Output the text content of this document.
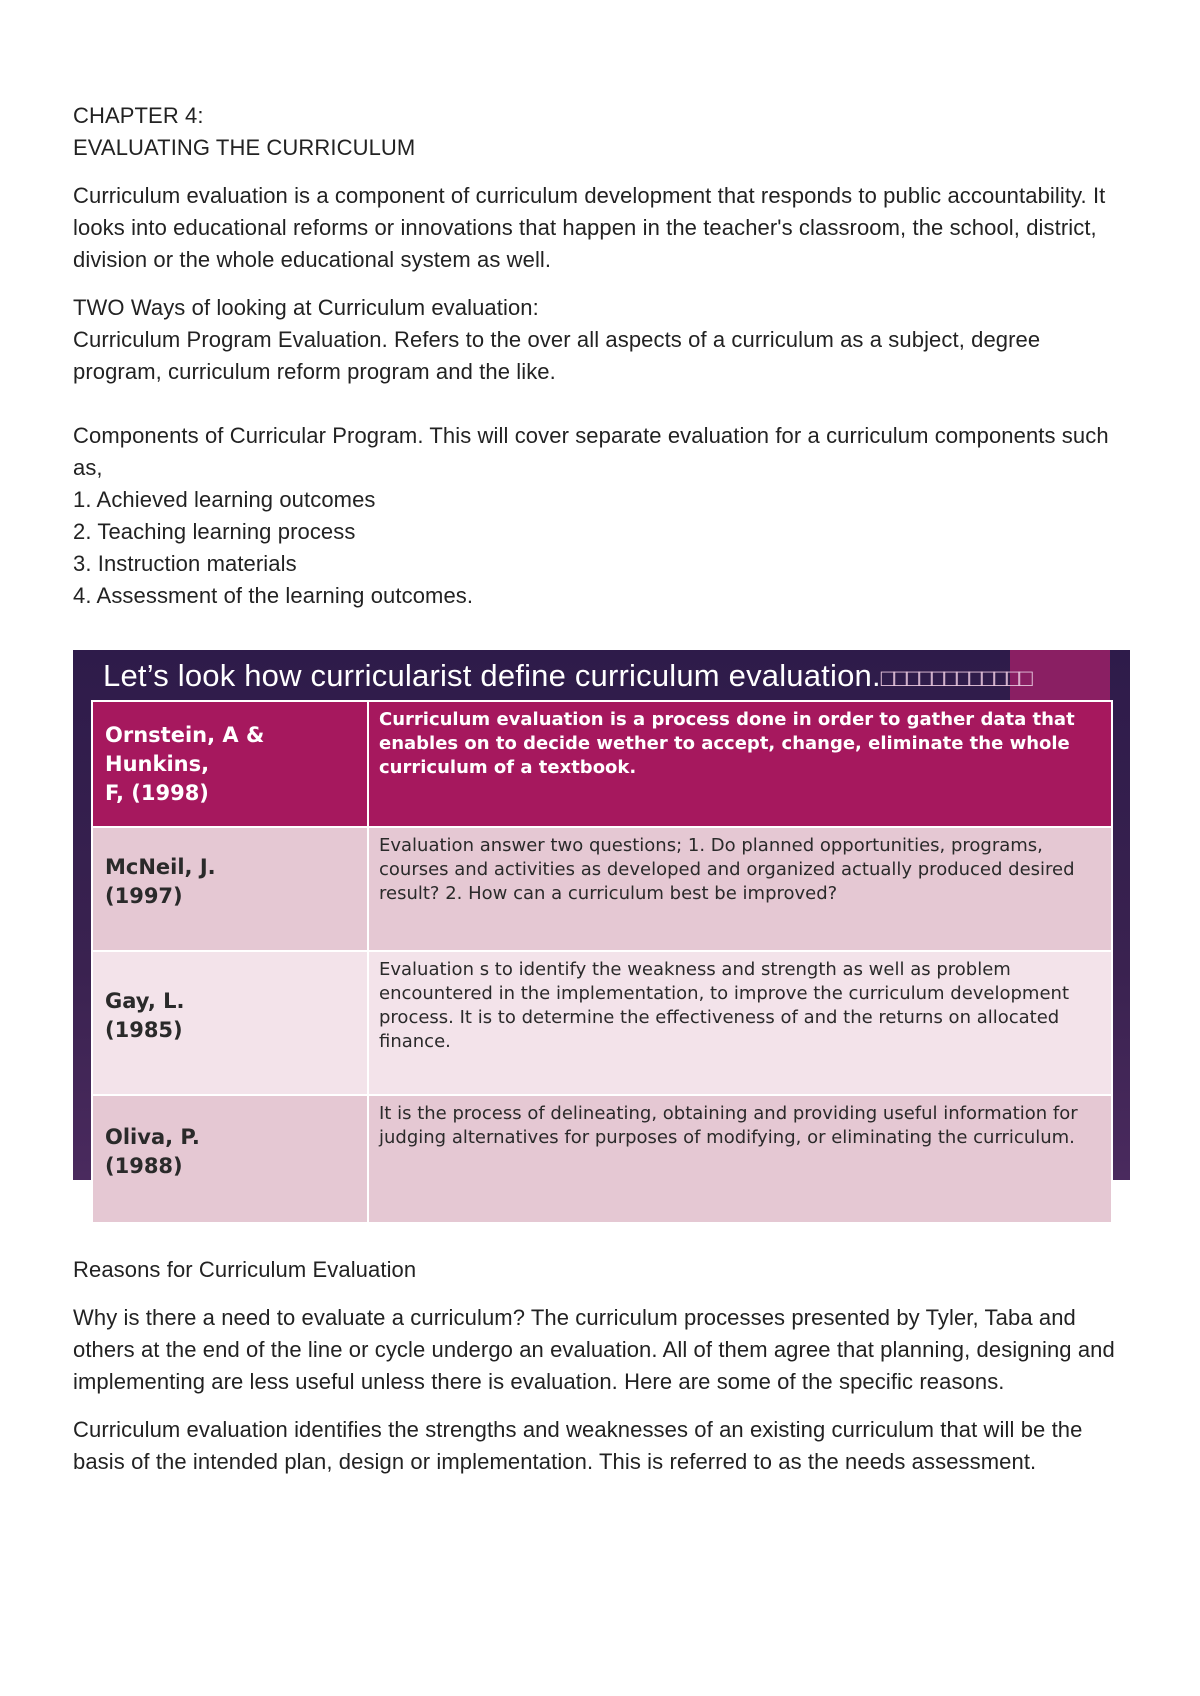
CHAPTER 4:

EVALUATING THE CURRICULUM

Curriculum evaluation is a component of curriculum development that responds to public accountability. It looks into educational reforms or innovations that happen in the teacher's classroom, the school, district, division or the whole educational system as well.

TWO Ways of looking at Curriculum evaluation:

Curriculum Program Evaluation. Refers to the over all aspects of a curriculum as a subject, degree program, curriculum reform program and the like.

Components of Curricular Program. This will cover separate evaluation for a curriculum components such as,

1. Achieved learning outcomes

2. Teaching learning process

3. Instruction materials

4. Assessment of the learning outcomes.

Let’s look how curricularist define curriculum evaluation.□□□□□□□□□□□□
Ornstein, A & Hunkins,
F, (1998)	Curriculum evaluation is a process done in order to gather data that enables on to decide wether to accept, change, eliminate the whole curriculum of a textbook.

McNeil, J.
(1997)	Evaluation answer two questions; 1. Do planned opportunities, programs, courses and activities as developed and organized actually produced desired result? 2. How can a curriculum best be improved?

Gay, L.
(1985)	Evaluation s to identify the weakness and strength as well as problem encountered in the implementation, to improve the curriculum development process. It is to determine the effectiveness of and the returns on allocated finance.

Oliva, P.
(1988)	It is the process of delineating, obtaining and providing useful information for judging alternatives for purposes of modifying, or eliminating the curriculum.

Reasons for Curriculum Evaluation

Why is there a need to evaluate a curriculum? The curriculum processes presented by Tyler, Taba and others at the end of the line or cycle undergo an evaluation. All of them agree that planning, designing and implementing are less useful unless there is evaluation. Here are some of the specific reasons.

Curriculum evaluation identifies the strengths and weaknesses of an existing curriculum that will be the basis of the intended plan, design or implementation. This is referred to as the needs assessment.
